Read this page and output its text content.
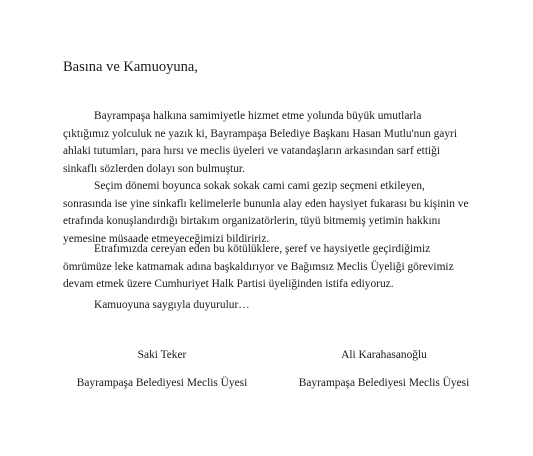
Basına ve Kamuoyuna,

Bayrampaşa halkına samimiyetle hizmet etme yolunda büyük umutlarla
çıktığımız yolculuk ne yazık ki, Bayrampaşa Belediye Başkanı Hasan Mutlu'nun gayri
ahlaki tutumları, para hırsı ve meclis üyeleri ve vatandaşların arkasından sarf ettiği
sinkaflı sözlerden dolayı son bulmuştur.

Seçim dönemi boyunca sokak sokak cami cami gezip seçmeni etkileyen,
sonrasında ise yine sinkaflı kelimelerle bununla alay eden haysiyet fukarası bu kişinin ve
etrafında konuşlandırdığı birtakım organizatörlerin, tüyü bitmemiş yetimin hakkını
yemesine müsaade etmeyeceğimizi bildiririz.

Etrafımızda cereyan eden bu kötülüklere, şeref ve haysiyetle geçirdiğimiz
ömrümüze leke katmamak adına başkaldırıyor ve Bağımsız Meclis Üyeliği görevimiz
devam etmek üzere Cumhuriyet Halk Partisi üyeliğinden istifa ediyoruz.

Kamuoyuna saygıyla duyurulur…
Saki Teker
Bayrampaşa Belediyesi Meclis Üyesi
Ali Karahasanoğlu
Bayrampaşa Belediyesi Meclis Üyesi
